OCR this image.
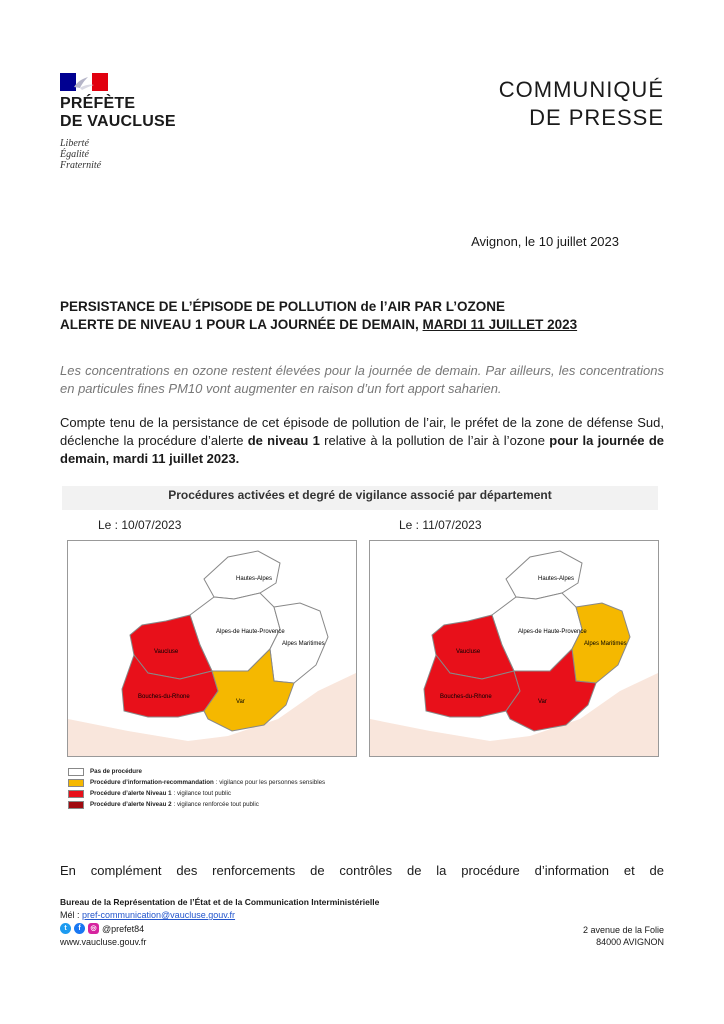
PRÉFÈTE
DE VAUCLUSE
Liberté
Égalité
Fraternité
COMMUNIQUÉ
DE PRESSE
Avignon, le 10 juillet 2023
PERSISTANCE DE L’ÉPISODE DE POLLUTION de l’AIR PAR L’OZONE
ALERTE DE NIVEAU 1 POUR LA JOURNÉE DE DEMAIN, MARDI 11 JUILLET 2023
Les concentrations en ozone restent élevées pour la journée de demain. Par ailleurs, les concentrations en particules fines PM10 vont augmenter en raison d’un fort apport saharien.
Compte tenu de la persistance de cet épisode de pollution de l’air, le préfet de la zone de défense Sud, déclenche la procédure d’alerte de niveau 1 relative à la pollution de l’air à l’ozone pour la journée de demain, mardi 11 juillet 2023.
Procédures activées et degré de vigilance associé par département
Le : 10/07/2023	Le : 11/07/2023
Hautes-Alpes
Alpes-de Haute-Provence
Alpes Maritimes
Vaucluse
Bouches-du-Rhone
Var
Hautes-Alpes
Alpes-de Haute-Provence
Alpes Maritimes
Vaucluse
Bouches-du-Rhone
Var
Pas de procédure
Procédure d’information-recommandation : vigilance pour les personnes sensibles
Procédure d’alerte Niveau 1 : vigilance tout public
Procédure d’alerte Niveau 2 : vigilance renforcée tout public
En complément des renforcements de contrôles de la procédure d’information et de
Bureau de la Représentation de l’État et de la Communication Interministérielle
Mél : pref-communication@vaucluse.gouv.fr
t	f	◎ @prefet84
www.vaucluse.gouv.fr
2 avenue de la Folie
84000 AVIGNON
